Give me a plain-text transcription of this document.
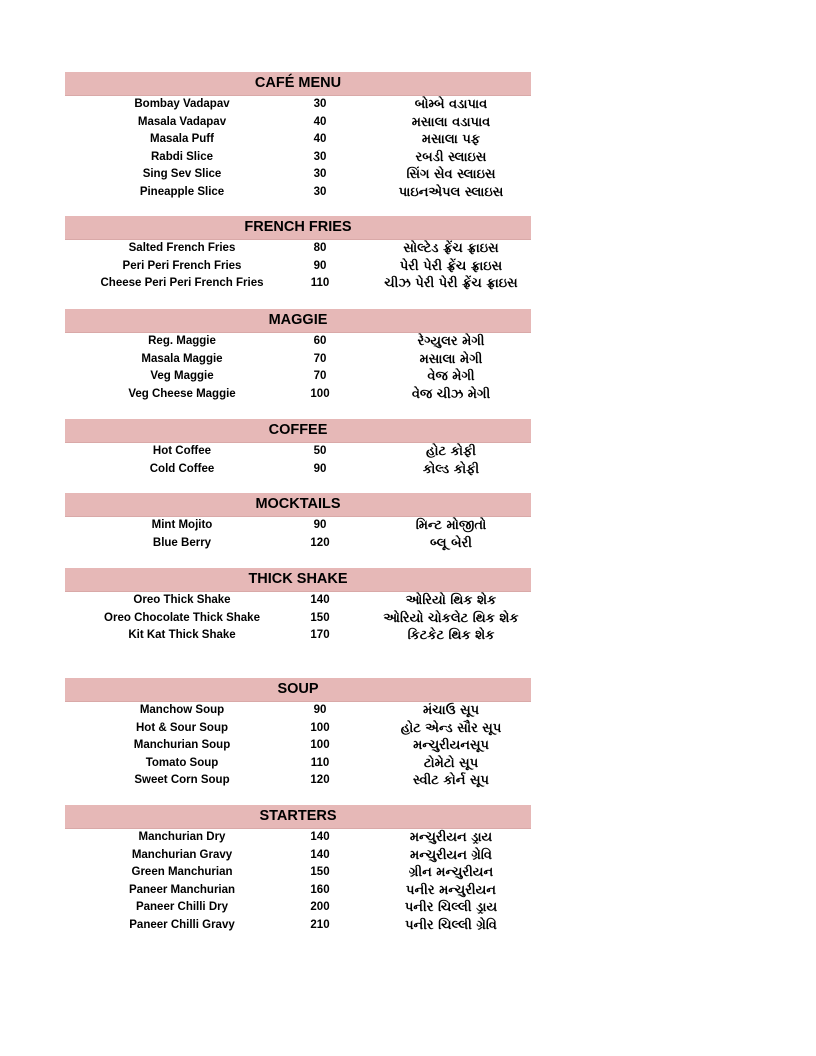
CAFÉ MENU
Bombay Vadapav	30	બોમ્બે વડાપાવ
Masala Vadapav	40	મસાલા વડાપાવ
Masala Puff	40	મસાલા પફ
Rabdi Slice	30	રબડી સ્લાઇસ
Sing Sev Slice	30	સિંગ સેવ સ્લાઇસ
Pineapple Slice	30	પાઇનએપલ સ્લાઇસ
FRENCH FRIES
Salted French Fries	80	સોલ્ટેડ ફ્રેંચ ફ્રાઇસ
Peri Peri French Fries	90	પેરી પેરી ફ્રેંચ ફ્રાઇસ
Cheese Peri Peri French Fries	110	ચીઝ પેરી પેરી ફ્રેંચ ફ્રાઇસ
MAGGIE
Reg. Maggie	60	રેગ્યુલર મેગી
Masala Maggie	70	મસાલા મેગી
Veg Maggie	70	વેજ મેગી
Veg Cheese Maggie	100	વેજ ચીઝ મેગી
COFFEE
Hot Coffee	50	હોટ કોફી
Cold Coffee	90	કોલ્ડ કોફી
MOCKTAILS
Mint Mojito	90	મિન્ટ મોજીતો
Blue Berry	120	બ્લૂ બેરી
THICK SHAKE
Oreo Thick Shake	140	ઓરિયો થિક શેક
Oreo Chocolate Thick Shake	150	ઓરિયો ચોકલેટ થિક શેક
Kit Kat Thick Shake	170	કિટકેટ થિક શેક
SOUP
Manchow Soup	90	મંચાઉ સૂપ
Hot & Sour Soup	100	હોટ એન્ડ સૌર સૂપ
Manchurian Soup	100	મન્ચુરીયનસૂપ
Tomato Soup	110	ટોમેટો સૂપ
Sweet Corn Soup	120	સ્વીટ કોર્ન સૂપ
STARTERS
Manchurian Dry	140	મન્ચુરીયન ડ્રાય
Manchurian Gravy	140	મન્ચુરીયન ગ્રેવિ
Green Manchurian	150	ગ્રીન મન્ચુરીયન
Paneer Manchurian	160	પનીર મન્ચુરીયન
Paneer Chilli Dry	200	પનીર ચિલ્લી ડ્રાય
Paneer Chilli Gravy	210	પનીર ચિલ્લી ગ્રેવિ
